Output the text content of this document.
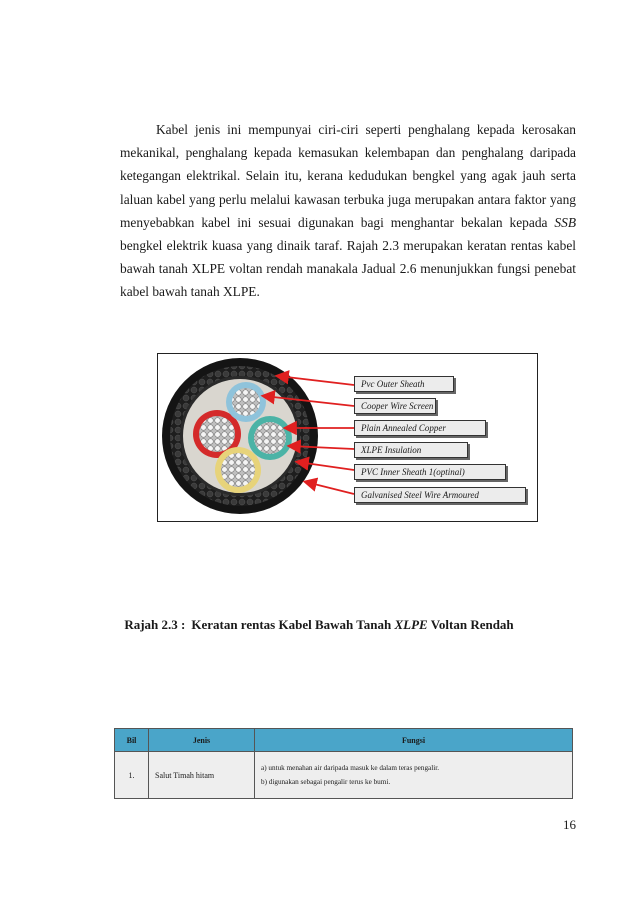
Kabel jenis ini mempunyai ciri-ciri seperti penghalang kepada kerosakan mekanikal, penghalang kepada kemasukan kelembapan dan penghalang daripada ketegangan elektrikal. Selain itu, kerana kedudukan bengkel yang agak jauh serta laluan kabel yang perlu melalui kawasan terbuka juga merupakan antara faktor yang menyebabkan kabel ini sesuai digunakan bagi menghantar bekalan kepada SSB bengkel elektrik kuasa yang dinaik taraf. Rajah 2.3 merupakan keratan rentas kabel bawah tanah XLPE voltan rendah manakala Jadual 2.6 menunjukkan fungsi penebat kabel bawah tanah XLPE.
Pvc Outer Sheath
Cooper Wire Screen
Plain Annealed Copper
XLPE Insulation
PVC Inner Sheath 1(optinal)
Galvanised Steel Wire Armoured
Rajah 2.3 : Keratan rentas Kabel Bawah Tanah XLPE Voltan Rendah
Bil	Jenis	Fungsi
1.	Salut Timah hitam	a) untuk menahan air daripada masuk ke dalam teras pengalir.

b) digunakan sebagai pengalir terus ke bumi.

16
